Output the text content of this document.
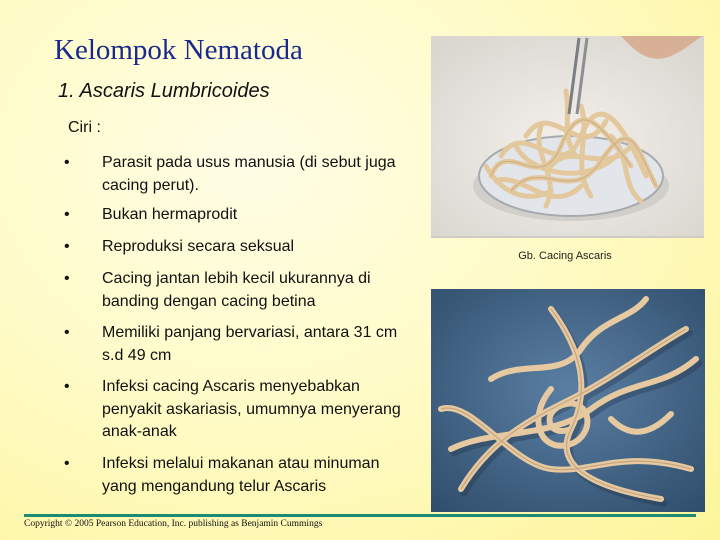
Kelompok Nematoda
1. Ascaris Lumbricoides
Ciri :
•	Parasit pada usus manusia (di sebut juga cacing perut).
•	Bukan hermaprodit
•	Reproduksi secara seksual
•	Cacing jantan lebih kecil ukurannya di banding dengan cacing betina
•	Memiliki panjang bervariasi, antara 31 cm s.d 49 cm
•	Infeksi cacing Ascaris menyebabkan penyakit askariasis, umumnya menyerang anak-anak
•	Infeksi melalui makanan atau minuman yang mengandung telur Ascaris
Gb. Cacing Ascaris
Copyright © 2005 Pearson Education, Inc. publishing as Benjamin Cummings
